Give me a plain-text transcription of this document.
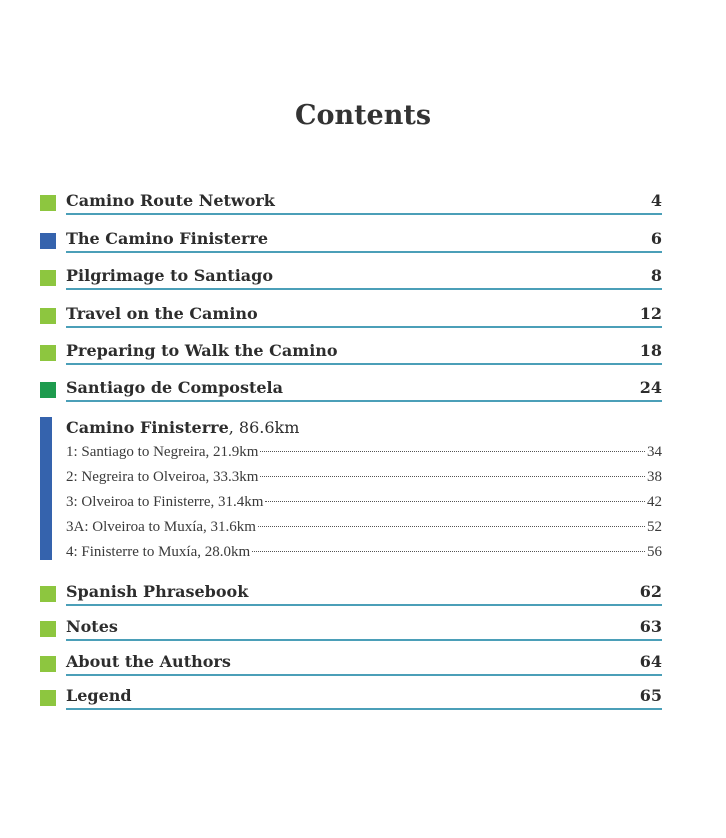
Contents
Camino Route Network	4
The Camino Finisterre	6
Pilgrimage to Santiago	8
Travel on the Camino	12
Preparing to Walk the Camino	18
Santiago de Compostela	24
Camino Finisterre, 86.6km
1: Santiago to Negreira, 21.9km	34
2: Negreira to Olveiroa, 33.3km	38
3: Olveiroa to Finisterre, 31.4km	42
3A: Olveiroa to Muxía, 31.6km	52
4: Finisterre to Muxía, 28.0km	56
Spanish Phrasebook	62
Notes	63
About the Authors	64
Legend	65
